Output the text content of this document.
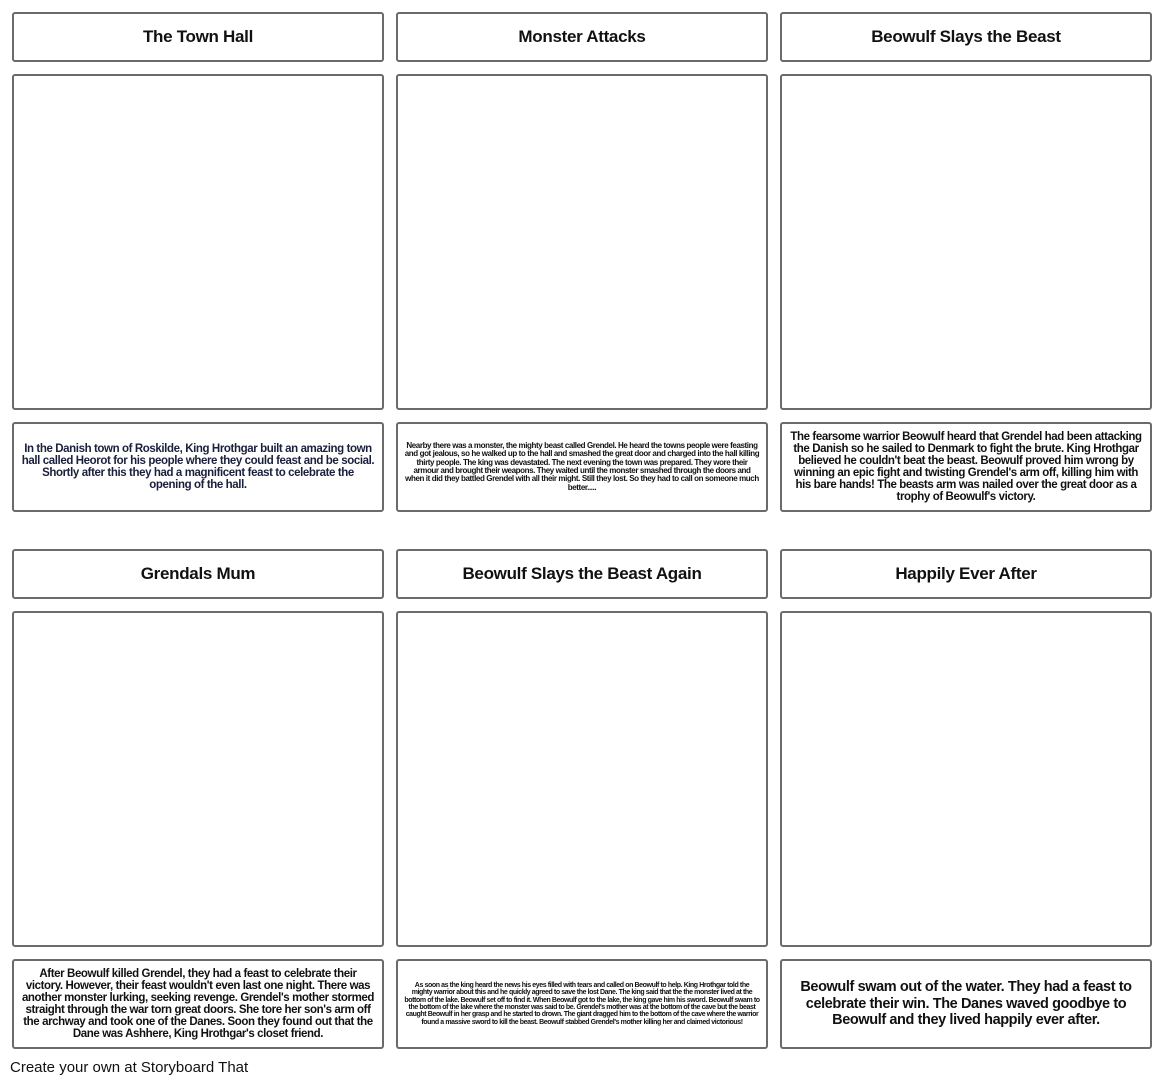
The Town Hall
In the Danish town of Roskilde, King Hrothgar built an amazing town hall called Heorot for his people where they could feast and be social. Shortly after this they had a magnificent feast to celebrate the opening of the hall.
Monster Attacks
Nearby there was a monster, the mighty beast called Grendel. He heard the towns people were feasting and got jealous, so he walked up to the hall and smashed the great door and charged into the hall killing thirty people. The king was devastated. The next evening the town was prepared. They wore their armour and brought their weapons. They waited until the monster smashed through the doors and when it did they battled Grendel with all their might. Still they lost. So they had to call on someone much better.....
Beowulf Slays the Beast
The fearsome warrior Beowulf heard that Grendel had been attacking the Danish so he sailed to Denmark to fight the brute. King Hrothgar believed he couldn't beat the beast. Beowulf proved him wrong by winning an epic fight and twisting Grendel's arm off, killing him with his bare hands! The beasts arm was nailed over the great door as a trophy of Beowulf's victory.
Grendals Mum
After Beowulf killed Grendel, they had a feast to celebrate their victory. However, their feast wouldn't even last one night. There was another monster lurking, seeking revenge. Grendel's mother stormed straight through the war torn great doors. She tore her son's arm off the archway and took one of the Danes. Soon they found out that the Dane was Ashhere, King Hrothgar's closet friend.
Beowulf Slays the Beast Again
As soon as the king heard the news his eyes filled with tears and called on Beowulf to help. King Hrothgar told the mighty warrior about this and he quickly agreed to save the lost Dane. The king said that the the monster lived at the bottom of the lake. Beowulf set off to find it. When Beowulf got to the lake, the king gave him his sword. Beowulf swam to the bottom of the lake where the monster was said to be. Grendel's mother was at the bottom of the cave but the beast caught Beowulf in her grasp and he started to drown. The giant dragged him to the bottom of the cave where the warrior found a massive sword to kill the beast. Beowulf stabbed Grendel's mother killing her and claimed victorious!
Happily Ever After
Beowulf swam out of the water. They had a feast to celebrate their win. The Danes waved goodbye to Beowulf and they lived happily ever after.
Create your own at Storyboard That
